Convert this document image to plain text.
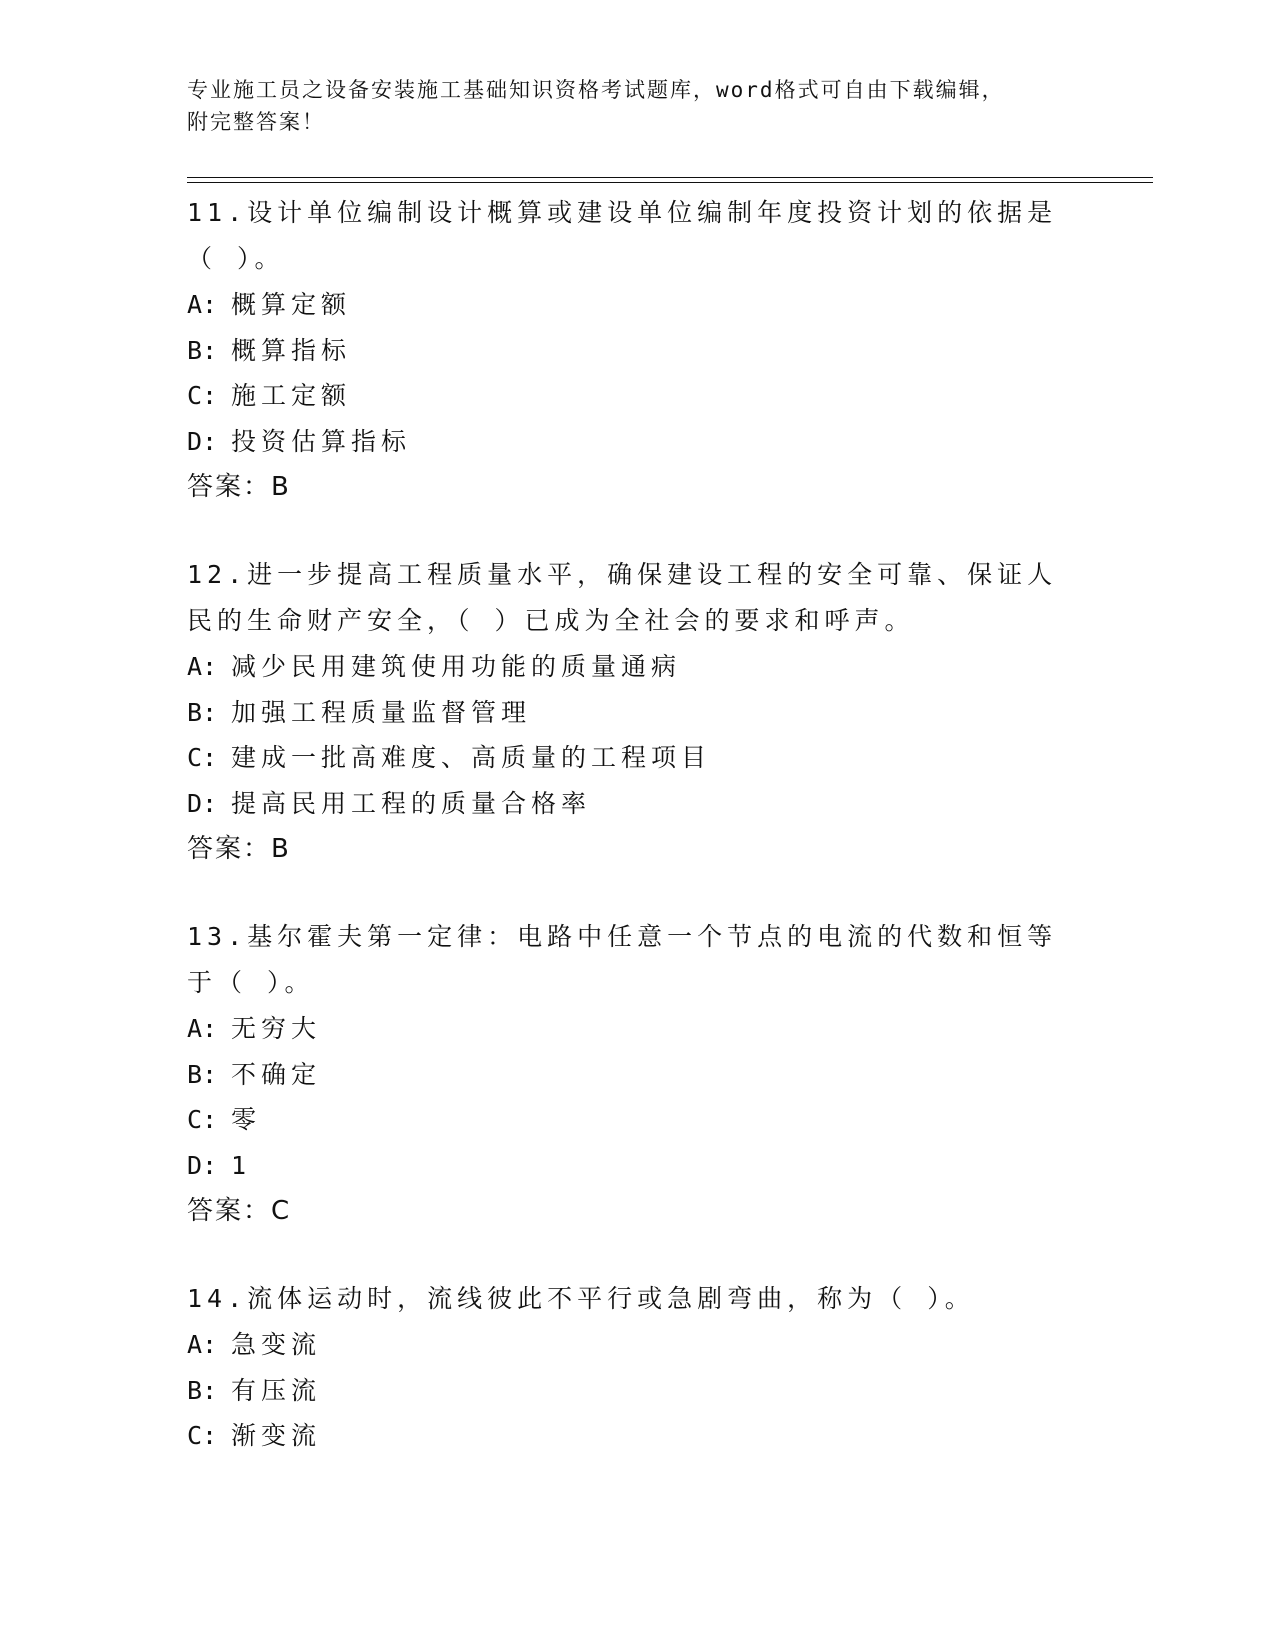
专业施工员之设备安装施工基础知识资格考试题库，word格式可自由下载编辑，
附完整答案！

11.设计单位编制设计概算或建设单位编制年度投资计划的依据是（ ）。

A: 概算定额

B: 概算指标

C: 施工定额

D: 投资估算指标

答案：B

12.进一步提高工程质量水平，确保建设工程的安全可靠、保证人民的生命财产安全，（ ）已成为全社会的要求和呼声。

A: 减少民用建筑使用功能的质量通病

B: 加强工程质量监督管理

C: 建成一批高难度、高质量的工程项目

D: 提高民用工程的质量合格率

答案：B

13.基尔霍夫第一定律：电路中任意一个节点的电流的代数和恒等于（ ）。

A: 无穷大

B: 不确定

C: 零

D: 1

答案：C

14.流体运动时，流线彼此不平行或急剧弯曲，称为（ ）。

A: 急变流

B: 有压流

C: 渐变流
